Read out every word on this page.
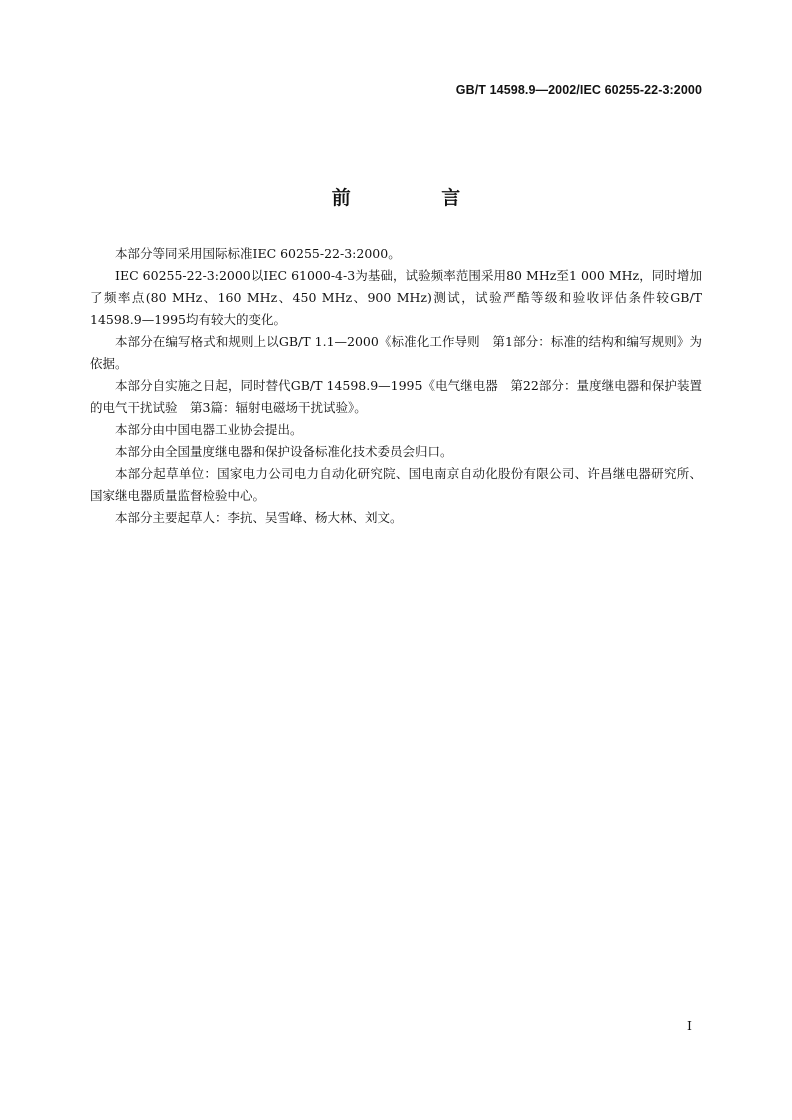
GB/T 14598.9—2002/IEC 60255-22-3:2000
前 言

本部分等同采用国际标准IEC 60255-22-3:2000。

IEC 60255-22-3:2000以IEC 61000-4-3为基础，试验频率范围采用80 MHz至1 000 MHz，同时增加了频率点(80 MHz、160 MHz、450 MHz、900 MHz)测试，试验严酷等级和验收评估条件较GB/T 14598.9—1995均有较大的变化。

本部分在编写格式和规则上以GB/T 1.1—2000《标准化工作导则　第1部分：标准的结构和编写规则》为依据。

本部分自实施之日起，同时替代GB/T 14598.9—1995《电气继电器　第22部分：量度继电器和保护装置的电气干扰试验　第3篇：辐射电磁场干扰试验》。

本部分由中国电器工业协会提出。

本部分由全国量度继电器和保护设备标准化技术委员会归口。

本部分起草单位：国家电力公司电力自动化研究院、国电南京自动化股份有限公司、许昌继电器研究所、国家继电器质量监督检验中心。

本部分主要起草人：李抗、吴雪峰、杨大林、刘文。

I
